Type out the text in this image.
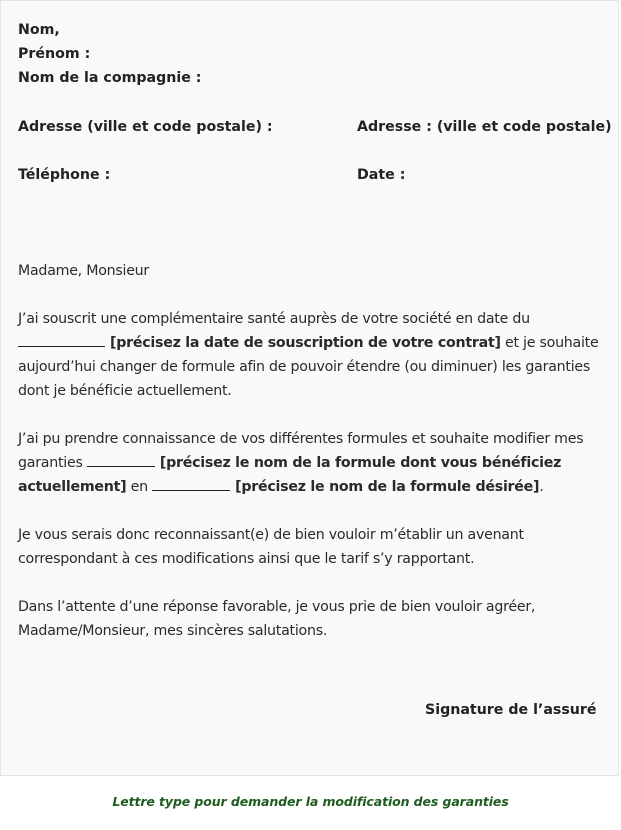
Nom,
Prénom :
Nom de la compagnie :
Adresse (ville et code postale) :	Adresse : (ville et code postale)
Téléphone :	Date :
Madame, Monsieur
J’ai souscrit une complémentaire santé auprès de votre société en date du
[précisez la date de souscription de votre contrat] et je souhaite
aujourd’hui changer de formule afin de pouvoir étendre (ou diminuer) les garanties
dont je bénéficie actuellement.
J’ai pu prendre connaissance de vos différentes formules et souhaite modifier mes
garanties	[précisez le nom de la formule dont vous bénéficiez
actuellement] en	[précisez le nom de la formule désirée].
Je vous serais donc reconnaissant(e) de bien vouloir m’établir un avenant
correspondant à ces modifications ainsi que le tarif s’y rapportant.
Dans l’attente d’une réponse favorable, je vous prie de bien vouloir agréer,
Madame/Monsieur, mes sincères salutations.
Signature de l’assuré
Lettre type pour demander la modification des garanties
